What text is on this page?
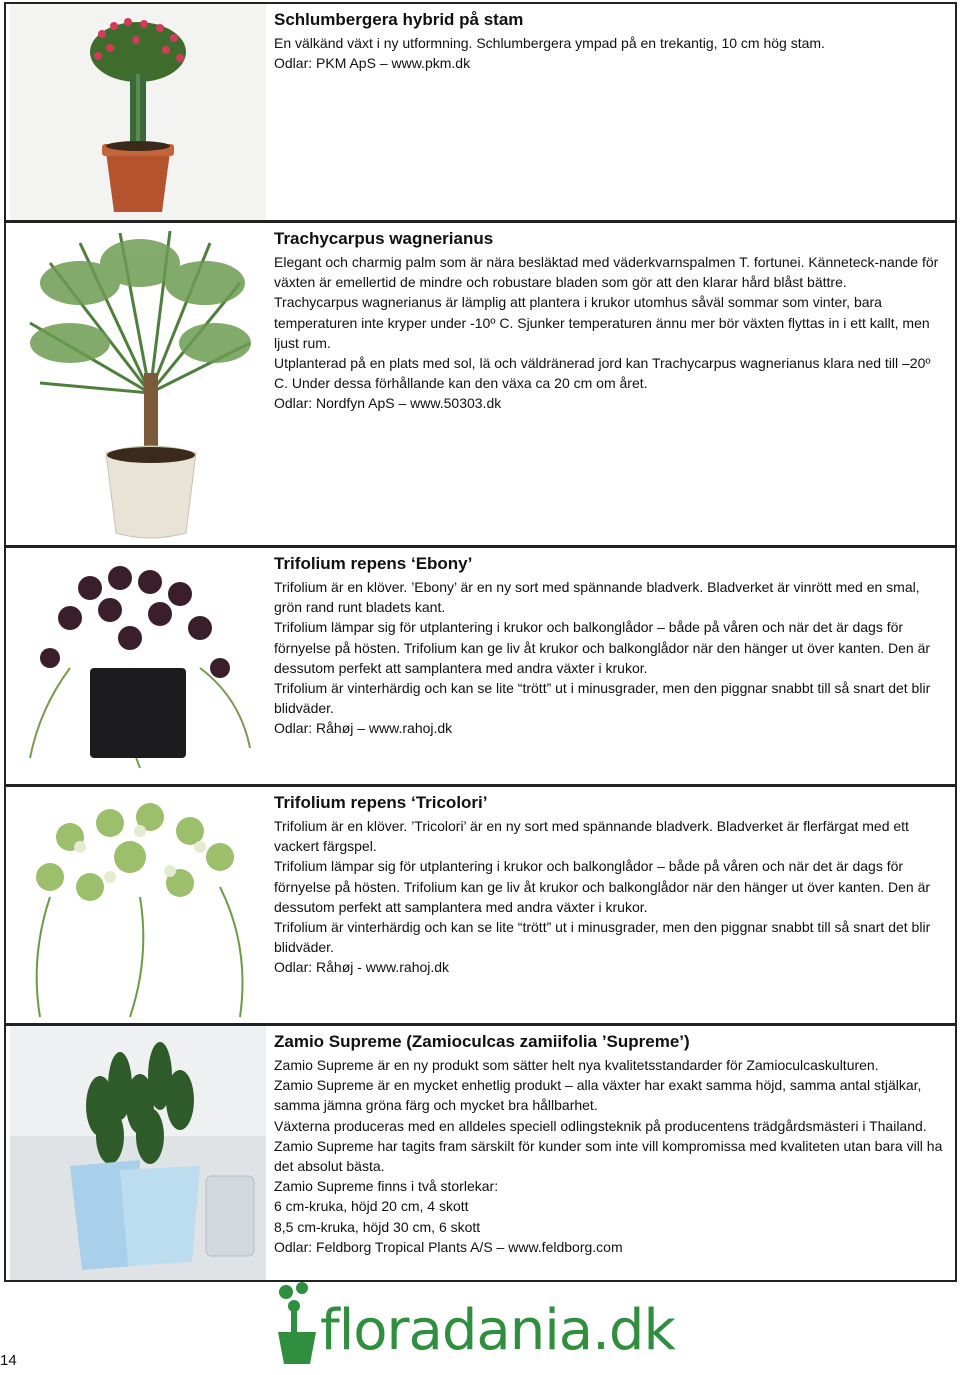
Schlumbergera hybrid på stam

En välkänd växt i ny utformning. Schlumbergera ympad på en trekantig, 10 cm hög stam.

Odlar: PKM ApS – www.pkm.dk

Trachycarpus wagnerianus

Elegant och charmig palm som är nära besläktad med väderkvarnspalmen T. fortunei. Känneteck-nande för växten är emellertid de mindre och robustare bladen som gör att den klarar hård blåst bättre.

Trachycarpus wagnerianus är lämplig att plantera i krukor utomhus såväl sommar som vinter, bara temperaturen inte kryper under -10º C. Sjunker temperaturen ännu mer bör växten flyttas in i ett kallt, men ljust rum.

Utplanterad på en plats med sol, lä och väldränerad jord kan Trachycarpus wagnerianus klara ned till –20º C. Under dessa förhållande kan den växa ca 20 cm om året.

Odlar: Nordfyn ApS – www.50303.dk

Trifolium repens ‘Ebony’

Trifolium är en klöver. ’Ebony’ är en ny sort med spännande bladverk. Bladverket är vinrött med en smal, grön rand runt bladets kant.

Trifolium lämpar sig för utplantering i krukor och balkonglådor – både på våren och när det är dags för förnyelse på hösten. Trifolium kan ge liv åt krukor och balkonglådor när den hänger ut över kanten. Den är dessutom perfekt att samplantera med andra växter i krukor.

Trifolium är vinterhärdig och kan se lite “trött” ut i minusgrader, men den piggnar snabbt till så snart det blir blidväder.

Odlar: Råhøj – www.rahoj.dk

Trifolium repens ‘Tricolori’

Trifolium är en klöver. ’Tricolori’ är en ny sort med spännande bladverk. Bladverket är flerfärgat med ett vackert färgspel.

Trifolium lämpar sig för utplantering i krukor och balkonglådor – både på våren och när det är dags för förnyelse på hösten. Trifolium kan ge liv åt krukor och balkonglådor när den hänger ut över kanten. Den är dessutom perfekt att samplantera med andra växter i krukor.

Trifolium är vinterhärdig och kan se lite “trött” ut i minusgrader, men den piggnar snabbt till så snart det blir blidväder.

Odlar: Råhøj - www.rahoj.dk

Zamio Supreme (Zamioculcas zamiifolia ’Supreme’)

Zamio Supreme är en ny produkt som sätter helt nya kvalitetsstandarder för Zamioculcaskulturen.

Zamio Supreme är en mycket enhetlig produkt – alla växter har exakt samma höjd, samma antal stjälkar, samma jämna gröna färg och mycket bra hållbarhet.

Växterna produceras med en alldeles speciell odlingsteknik på producentens trädgårdsmästeri i Thailand.

Zamio Supreme har tagits fram särskilt för kunder som inte vill kompromissa med kvaliteten utan bara vill ha det absolut bästa.

Zamio Supreme finns i två storlekar:

6 cm-kruka, höjd 20 cm, 4 skott

8,5 cm-kruka, höjd 30 cm, 6 skott

Odlar: Feldborg Tropical Plants A/S – www.feldborg.com

14	floradania.dk
